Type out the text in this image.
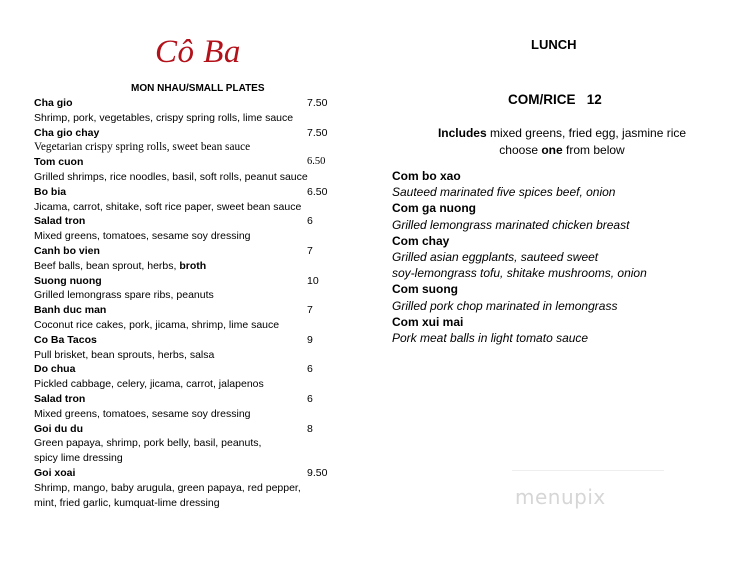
Cô Ba
MON NHAU/SMALL PLATES
Cha gio	7.50
Shrimp, pork, vegetables, crispy spring rolls, lime sauce
Cha gio chay	7.50
Vegetarian crispy spring rolls, sweet bean sauce
Tom cuon	6.50
Grilled shrimps, rice noodles, basil, soft rolls, peanut sauce
Bo bia	6.50
Jicama, carrot, shitake, soft rice paper, sweet bean sauce
Salad tron	6
Mixed greens, tomatoes, sesame soy dressing
Canh bo vien	7
Beef balls, bean sprout, herbs, broth
Suong nuong	10
Grilled lemongrass spare ribs, peanuts
Banh duc man	7
Coconut rice cakes, pork, jicama, shrimp, lime sauce
Co Ba Tacos	9
Pull brisket, bean sprouts, herbs, salsa
Do chua	6
Pickled cabbage, celery, jicama, carrot, jalapenos
Salad tron	6
Mixed greens, tomatoes, sesame soy dressing
Goi du du	8
Green papaya, shrimp, pork belly, basil, peanuts,
spicy lime dressing
Goi xoai	9.50
Shrimp, mango, baby arugula, green papaya, red pepper,
mint, fried garlic, kumquat-lime dressing
LUNCH
COM/RICE   12
Includes mixed greens, fried egg, jasmine rice
choose one from below
Com bo xao
Sauteed marinated five spices beef, onion
Com ga nuong
Grilled lemongrass marinated chicken breast
Com chay
Grilled asian eggplants, sauteed sweet
soy-lemongrass tofu, shitake mushrooms, onion
Com suong
Grilled pork chop marinated in lemongrass
Com xui mai
Pork meat balls in light tomato sauce
menupix
